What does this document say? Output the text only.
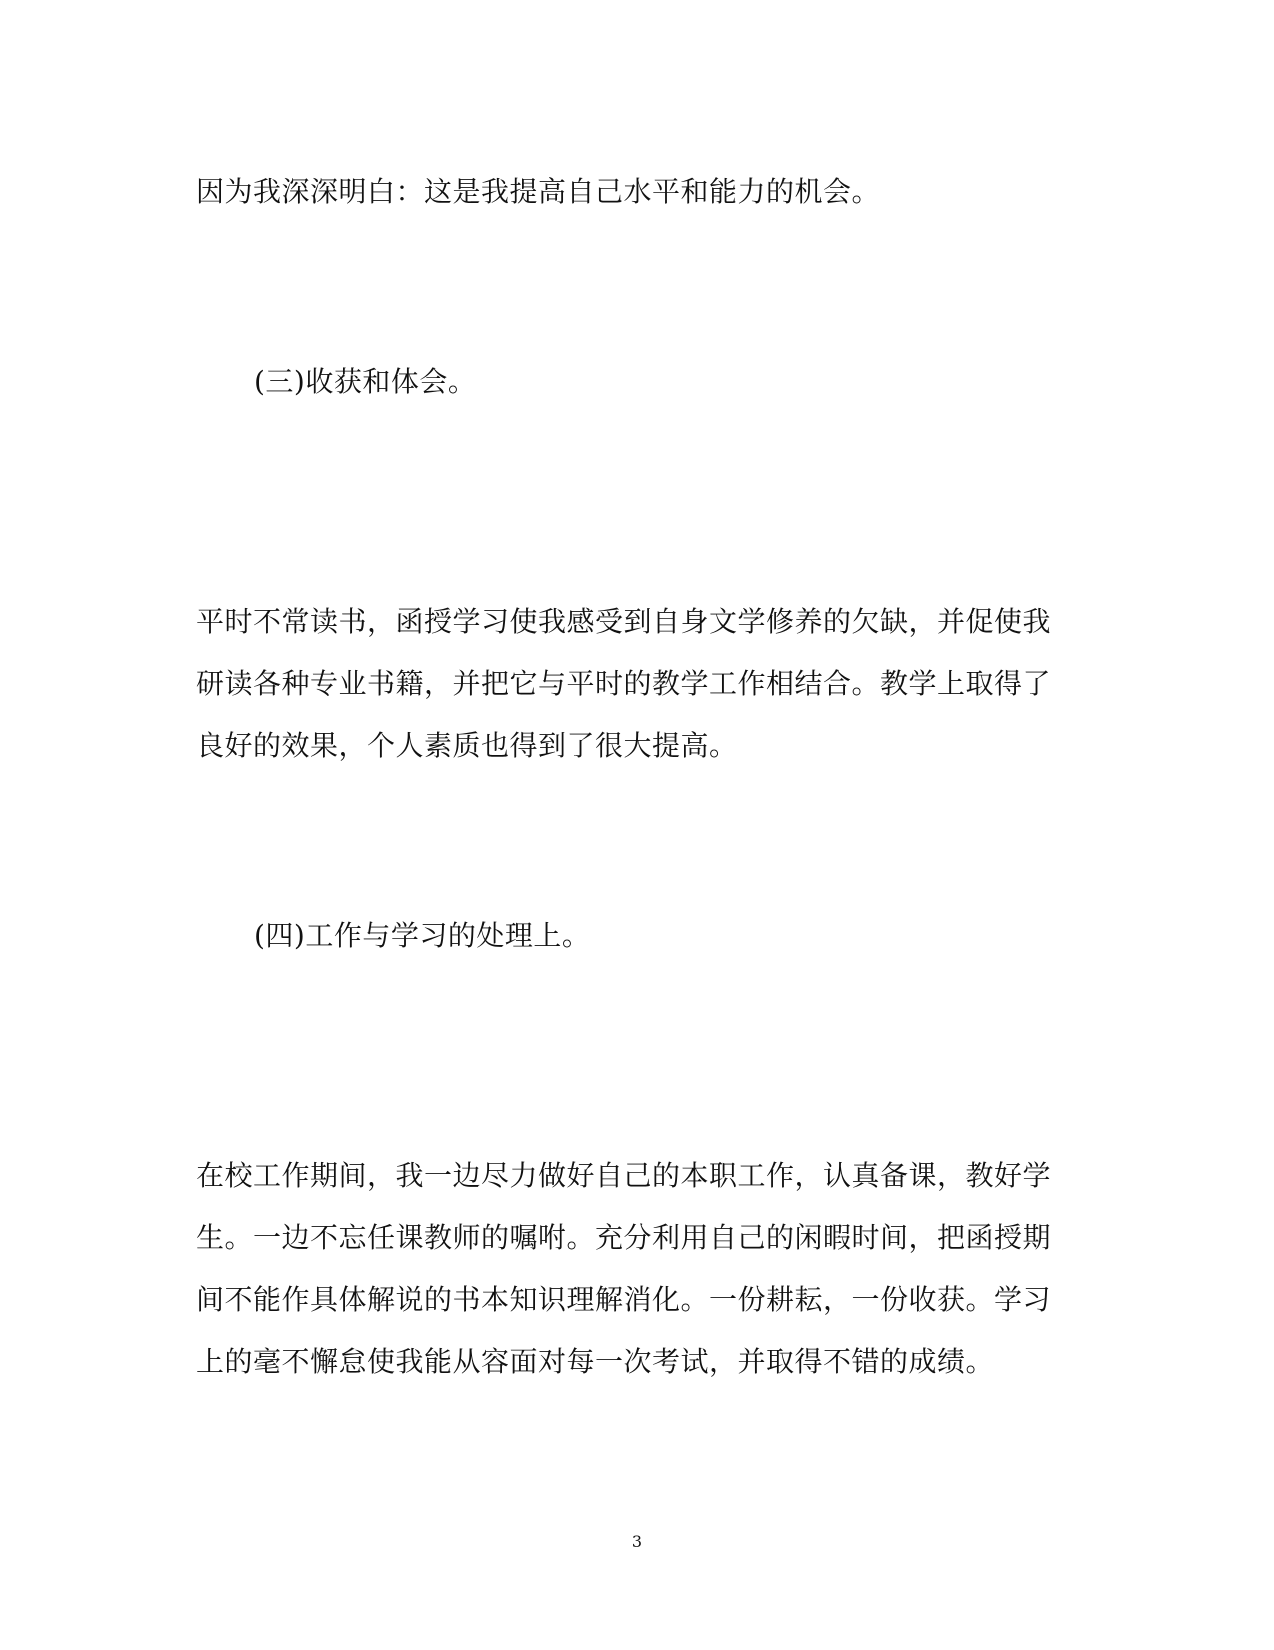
因为我深深明白：这是我提高自己水平和能力的机会。
(三)收获和体会。
平时不常读书，函授学习使我感受到自身文学修养的欠缺，并促使我
研读各种专业书籍，并把它与平时的教学工作相结合。教学上取得了
良好的效果，个人素质也得到了很大提高。
(四)工作与学习的处理上。
在校工作期间，我一边尽力做好自己的本职工作，认真备课，教好学
生。一边不忘任课教师的嘱咐。充分利用自己的闲暇时间，把函授期
间不能作具体解说的书本知识理解消化。一份耕耘，一份收获。学习
上的毫不懈怠使我能从容面对每一次考试，并取得不错的成绩。
3
